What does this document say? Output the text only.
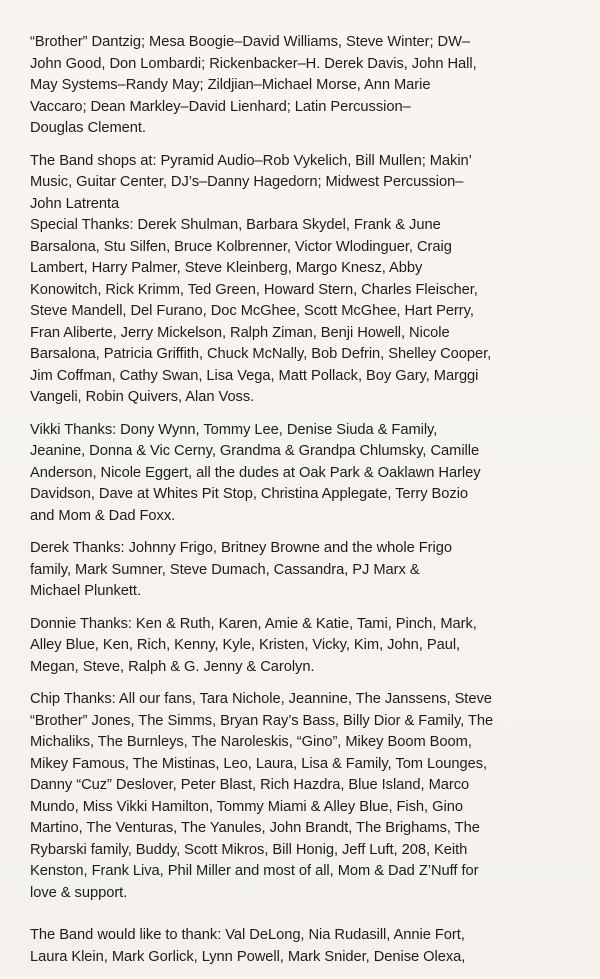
“Brother” Dantzig; Mesa Boogie–David Williams, Steve Winter; DW–
John Good, Don Lombardi; Rickenbacker–H. Derek Davis, John Hall,
May Systems–Randy May; Zildjian–Michael Morse, Ann Marie
Vaccaro; Dean Markley–David Lienhard; Latin Percussion–
Douglas Clement.

The Band shops at: Pyramid Audio–Rob Vykelich, Bill Mullen; Makin’
Music, Guitar Center, DJ’s–Danny Hagedorn; Midwest Percussion–
John Latrenta

Special Thanks: Derek Shulman, Barbara Skydel, Frank & June
Barsalona, Stu Silfen, Bruce Kolbrenner, Victor Wlodinguer, Craig
Lambert, Harry Palmer, Steve Kleinberg, Margo Knesz, Abby
Konowitch, Rick Krimm, Ted Green, Howard Stern, Charles Fleischer,
Steve Mandell, Del Furano, Doc McGhee, Scott McGhee, Hart Perry,
Fran Aliberte, Jerry Mickelson, Ralph Ziman, Benji Howell, Nicole
Barsalona, Patricia Griffith, Chuck McNally, Bob Defrin, Shelley Cooper,
Jim Coffman, Cathy Swan, Lisa Vega, Matt Pollack, Boy Gary, Marggi
Vangeli, Robin Quivers, Alan Voss.

Vikki Thanks: Dony Wynn, Tommy Lee, Denise Siuda & Family,
Jeanine, Donna & Vic Cerny, Grandma & Grandpa Chlumsky, Camille
Anderson, Nicole Eggert, all the dudes at Oak Park & Oaklawn Harley
Davidson, Dave at Whites Pit Stop, Christina Applegate, Terry Bozio
and Mom & Dad Foxx.

Derek Thanks: Johnny Frigo, Britney Browne and the whole Frigo
family, Mark Sumner, Steve Dumach, Cassandra, PJ Marx &
Michael Plunkett.

Donnie Thanks: Ken & Ruth, Karen, Amie & Katie, Tami, Pinch, Mark,
Alley Blue, Ken, Rich, Kenny, Kyle, Kristen, Vicky, Kim, John, Paul,
Megan, Steve, Ralph & G. Jenny & Carolyn.

Chip Thanks: All our fans, Tara Nichole, Jeannine, The Janssens, Steve
“Brother” Jones, The Simms, Bryan Ray’s Bass, Billy Dior & Family, The
Michaliks, The Burnleys, The Naroleskis, “Gino”, Mikey Boom Boom,
Mikey Famous, The Mistinas, Leo, Laura, Lisa & Family, Tom Lounges,
Danny “Cuz” Deslover, Peter Blast, Rich Hazdra, Blue Island, Marco
Mundo, Miss Vikki Hamilton, Tommy Miami & Alley Blue, Fish, Gino
Martino, The Venturas, The Yanules, John Brandt, The Brighams, The
Rybarski family, Buddy, Scott Mikros, Bill Honig, Jeff Luft, 208, Keith
Kenston, Frank Liva, Phil Miller and most of all, Mom & Dad Z’Nuff for
love & support.

The Band would like to thank: Val DeLong, Nia Rudasill, Annie Fort,
Laura Klein, Mark Gorlick, Lynn Powell, Mark Snider, Denise Olexa,
